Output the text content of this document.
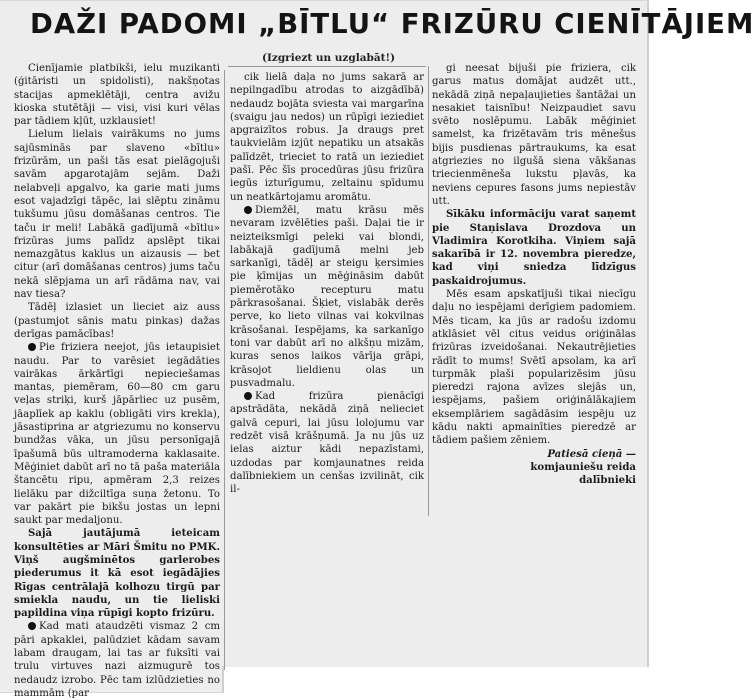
DAŽI PADOMI „BĪTLU“ FRIZŪRU CIENĪTĀJIEM
(Izgriezt un uzglabāt!)

Cienījamie platbikši, ielu muzikanti (ģitāristi un spidolisti), nakšņotas stacijas apmeklētāji, centra avižu kioska stutētāji — visi, visi kuri vēlas par tādiem kļūt, uzklausiet!

Lielum lielais vairākums no jums sajūsminās par slaveno «bītlu» frizūrām, un paši tās esat pielāgojuši savām apgarotajām sejām. Daži nelabveļi apgalvo, ka garie mati jums esot vajadzīgi tāpēc, lai slēptu zināmu tukšumu jūsu domāšanas centros. Tie taču ir meli! Labākā gadījumā «bītlu» frizūras jums palīdz apslēpt tikai nemazgātus kaklus un aizausis — bet citur (arī domāšanas centros) jums taču nekā slēpjama un arī rādāma nav, vai nav tiesa?

Tādēļ izlasiet un lieciet aiz auss (pastumjot sānis matu pinkas) dažas derīgas pamācības!

Pie friziera neejot, jūs ietaupisiet naudu. Par to varēsiet iegādāties vairākas ārkārtīgi nepieciešamas mantas, piemēram, 60—80 cm garu veļas striķi, kurš jāpārliec uz pusēm, jāaplīek ap kaklu (obligāti virs krekla), jāsastiprina ar atgriezumu no konservu bundžas vāka, un jūsu personīgajā īpašumā būs ultramoderna kaklasaite. Mēģiniet dabūt arī no tā paša materiāla štancētu ripu, apmēram 2,3 reizes lielāku par dižciltīga suņa žetonu. To var pakārt pie bikšu jostas un lepni saukt par medaljonu.

Sajā jautājumā ieteicam konsultēties ar Māri Šmitu no PMK. Viņš augšminētos garlerobes piederumus it kā esot iegādājies Rīgas centrālajā kolhozu tirgū par smiekla naudu, un tie lieliski papildina viņa rūpīgi kopto frizūru.

Kad mati ataudzēti vismaz 2 cm pāri apkaklei, palūdziet kādam savam labam draugam, lai tas ar fuksīti vai trulu virtuves nazi aizmugurē tos nedaudz izrobo. Pēc tam izlūdzieties no mammām (par

cik lielā daļa no jums sakarā ar nepilngadību atrodas to aizgādībā) nedaudz bojāta sviesta vai margarīna (svaigu jau nedos) un rūpīgi ieziediet apgraizītos robus. Ja draugs pret taukvielām izjūt nepatiku un atsakās palīdzēt, trieciet to ratā un ieziediet pašī. Pēc šīs procedūras jūsu frizūra iegūs izturīgumu, zeltainu spīdumu un neatkārtojamu aromātu.

Diemžēl, matu krāsu mēs nevaram izvēlēties paši. Daļai tie ir neizteiksmīgi peleki vai blondi, labākajā gadījumā melni jeb sarkanīgi, tādēļ ar steigu ķersimies pie ķīmijas un mēģināsim dabūt piemērotāko recepturu matu pārkrasošanai. Šķiet, vislabāk derēs perve, ko lieto vilnas vai kokvilnas krāsošanai. Iespējams, ka sarkanīgo toni var dabūt arī no alkšņu mizām, kuras senos laikos vārīja grāpi, krāsojot lieldienu olas un pusvadmalu.

Kad frizūra pienācīgi apstrādāta, nekādā ziņā nelieciet galvā cepuri, lai jūsu lolojumu var redzēt visā krāšņumā. Ja nu jūs uz ielas aiztur kādi nepazīstami, uzdodas par komjaunatnes reida dalībniekiem un cenšas izvilināt, cik il-

gi neesat bijuši pie friziera, cik garus matus domājat audzēt utt., nekādā ziņā nepaļaujieties šantāžai un nesakiet taisnību! Neizpaudiet savu svēto noslēpumu. Labāk mēģiniet samelst, ka frizētavām tris mēnešus bijis pusdienas pārtraukums, ka esat atgriezies no ilgušā siena vākšanas triecienmēneša lukstu pļavās, ka neviens cepures fasons jums nepiestāv utt.

Sīkāku informāciju varat saņemt pie Staņislava Drozdova un Vladimira Korotkiha. Viņiem sajā sakarībā ir 12. novembra pieredze, kad viņi sniedza līdzīgus paskaidrojumus.

Mēs esam apskatījuši tikai niecīgu daļu no iespējami derīgiem padomiem. Mēs ticam, ka jūs ar radošu izdomu atklāsiet vēl citus veidus oriģinālas frizūras izveidošanai. Nekautrējieties rādīt to mums! Svētī apsolam, ka arī turpmāk plaši popularizēsim jūsu pieredzi rajona avīzes slejās un, iespējams, pašiem oriģinālākajiem eksemplāriem sagādāsim iespēju uz kādu nakti apmainīties pieredzē ar tādiem pašiem zēniem.

Patiesā cieņā —

komjauniešu reida

dalībnieki
